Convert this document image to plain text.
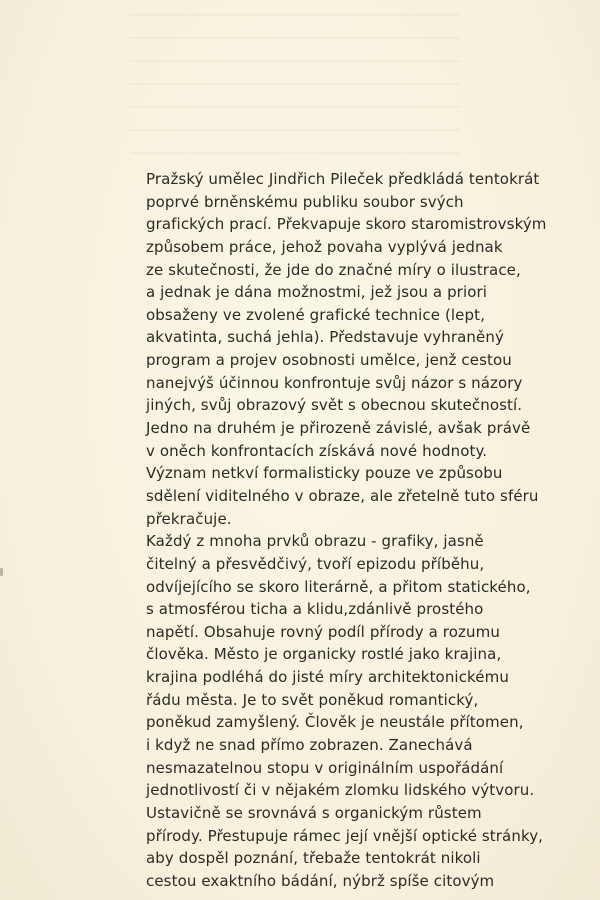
Pražský umělec Jindřich Pileček předkládá tentokrát
poprvé brněnskému publiku soubor svých
grafických prací. Překvapuje skoro staromistrovským
způsobem práce, jehož povaha vyplývá jednak
ze skutečnosti, že jde do značné míry o ilustrace,
a jednak je dána možnostmi, jež jsou a priori
obsaženy ve zvolené grafické technice (lept,
akvatinta, suchá jehla). Představuje vyhraněný
program a projev osobnosti umělce, jenž cestou
nanejvýš účinnou konfrontuje svůj názor s názory
jiných, svůj obrazový svět s obecnou skutečností.
Jedno na druhém je přirozeně závislé, avšak právě
v oněch konfrontacích získává nové hodnoty.
Význam netkví formalisticky pouze ve způsobu
sdělení viditelného v obraze, ale zřetelně tuto sféru
překračuje.
Každý z mnoha prvků obrazu - grafiky, jasně
čitelný a přesvědčivý, tvoří epizodu příběhu,
odvíjejícího se skoro literárně, a přitom statického,
s atmosférou ticha a klidu,zdánlivě prostého
napětí. Obsahuje rovný podíl přírody a rozumu
člověka. Město je organicky rostlé jako krajina,
krajina podléhá do jisté míry architektonickému
řádu města. Je to svět poněkud romantický,
poněkud zamyšlený. Člověk je neustále přítomen,
i když ne snad přímo zobrazen. Zanechává
nesmazatelnou stopu v originálním uspořádání
jednotlivostí či v nějakém zlomku lidského výtvoru.
Ustavičně se srovnává s organickým růstem
přírody. Přestupuje rámec její vnější optické stránky,
aby dospěl poznání, třebaže tentokrát nikoli
cestou exaktního bádání, nýbrž spíše citovým
